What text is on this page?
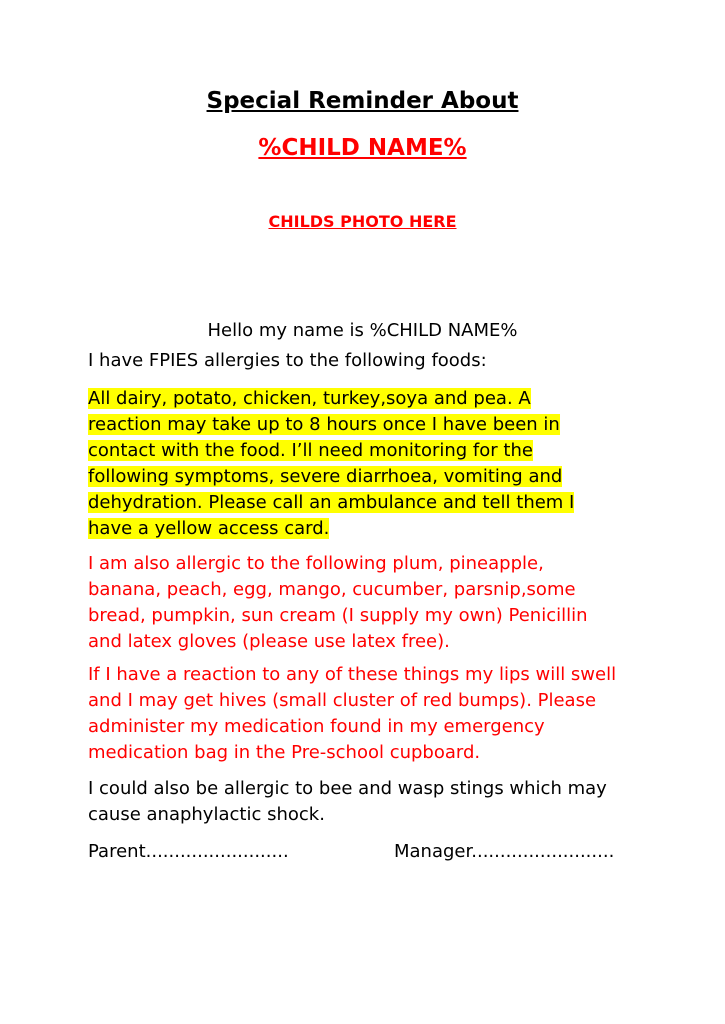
Special Reminder About
%CHILD NAME%
CHILDS PHOTO HERE
Hello my name is %CHILD NAME%
I have FPIES allergies to the following foods:
All dairy, potato, chicken, turkey,soya and pea. A
reaction may take up to 8 hours once I have been in
contact with the food. I’ll need monitoring for the
following symptoms, severe diarrhoea, vomiting and
dehydration. Please call an ambulance and tell them I
have a yellow access card.
I am also allergic to the following plum, pineapple,
banana, peach, egg, mango, cucumber, parsnip,some
bread, pumpkin, sun cream (I supply my own) Penicillin
and latex gloves (please use latex free).
If I have a reaction to any of these things my lips will swell
and I may get hives (small cluster of red bumps). Please
administer my medication found in my emergency
medication bag in the Pre-school cupboard.
I could also be allergic to bee and wasp stings which may
cause anaphylactic shock.
Parent.........................	Manager.........................
